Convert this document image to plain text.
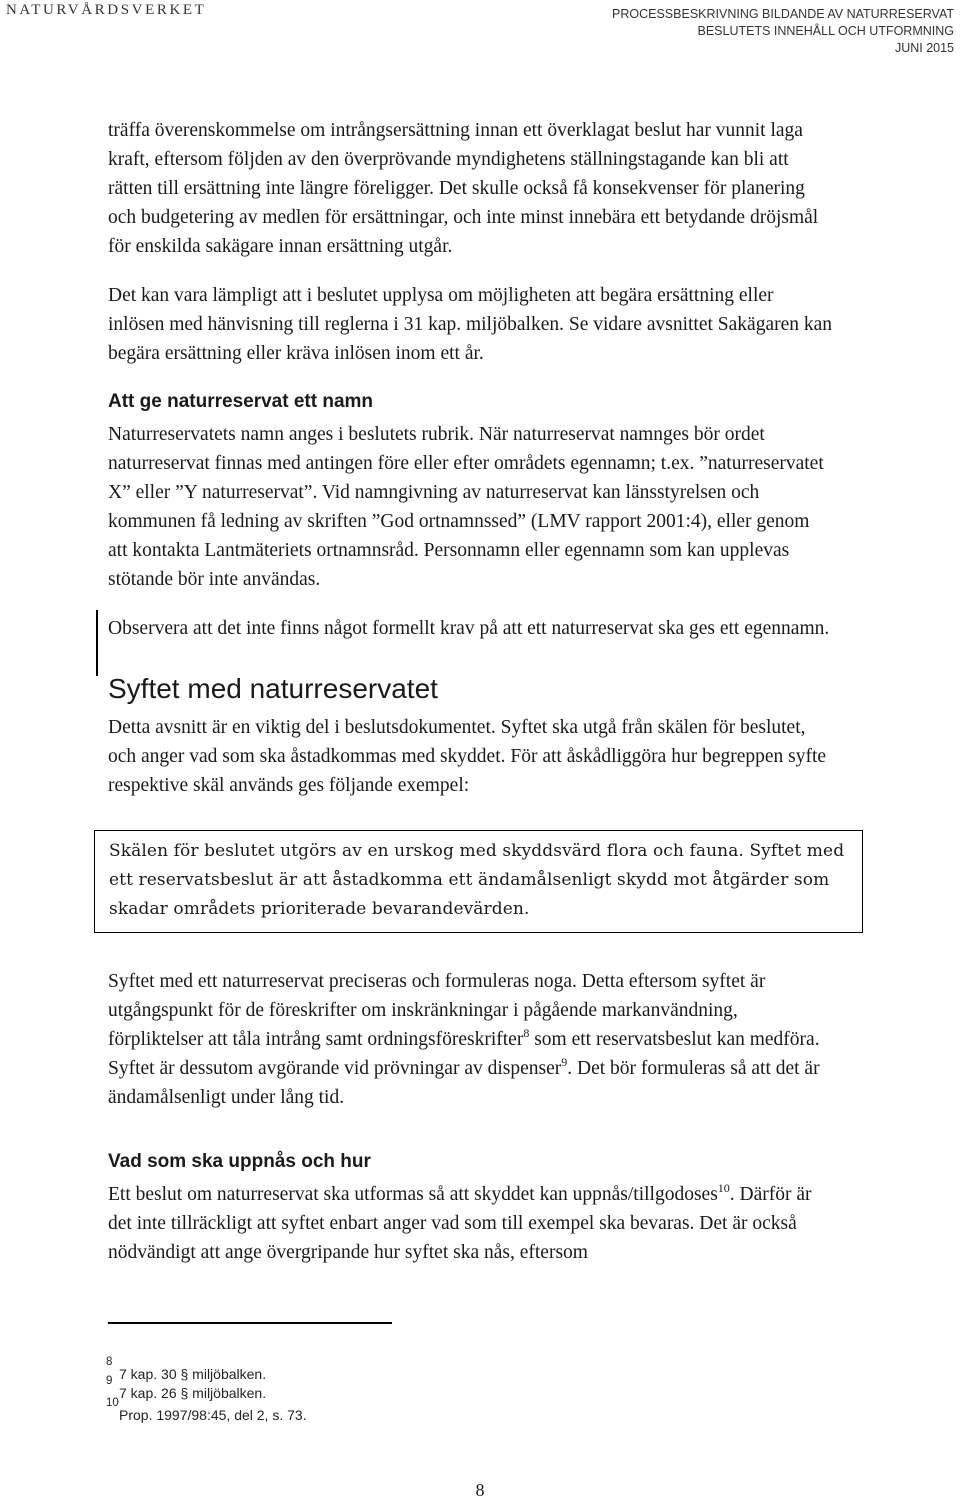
NATURVÅRDSVERKET	PROCESSBESKRIVNING BILDANDE AV NATURRESERVAT
BESLUTETS INNEHÅLL OCH UTFORMNING
JUNI 2015

träffa överenskommelse om intrångsersättning innan ett överklagat beslut har vunnit laga kraft, eftersom följden av den överprövande myndighetens ställningstagande kan bli att rätten till ersättning inte längre föreligger. Det skulle också få konsekvenser för planering och budgetering av medlen för ersättningar, och inte minst innebära ett betydande dröjsmål för enskilda sakägare innan ersättning utgår.

Det kan vara lämpligt att i beslutet upplysa om möjligheten att begära ersättning eller inlösen med hänvisning till reglerna i 31 kap. miljöbalken. Se vidare avsnittet Sakägaren kan begära ersättning eller kräva inlösen inom ett år.

Att ge naturreservat ett namn

Naturreservatets namn anges i beslutets rubrik. När naturreservat namnges bör ordet naturreservat finnas med antingen före eller efter områdets egennamn; t.ex. ”naturreservatet X” eller ”Y naturreservat”. Vid namngivning av naturreservat kan länsstyrelsen och kommunen få ledning av skriften ”God ortnamnssed” (LMV rapport 2001:4), eller genom att kontakta Lantmäteriets ortnamnsråd. Personnamn eller egennamn som kan upplevas stötande bör inte användas.

Observera att det inte finns något formellt krav på att ett naturreservat ska ges ett egennamn.

Syftet med naturreservatet

Detta avsnitt är en viktig del i beslutsdokumentet. Syftet ska utgå från skälen för beslutet, och anger vad som ska åstadkommas med skyddet. För att åskådliggöra hur begreppen syfte respektive skäl används ges följande exempel:

Skälen för beslutet utgörs av en urskog med skyddsvärd flora och fauna. Syftet med ett reservatsbeslut är att åstadkomma ett ändamålsenligt skydd mot åtgärder som skadar områdets prioriterade bevarandevärden.

Syftet med ett naturreservat preciseras och formuleras noga. Detta eftersom syftet är utgångspunkt för de föreskrifter om inskränkningar i pågående markanvändning, förpliktelser att tåla intrång samt ordningsföreskrifter$^8$ som ett reservatsbeslut kan medföra. Syftet är dessutom avgörande vid prövningar av dispenser$^9$. Det bör formuleras så att det är ändamålsenligt under lång tid.

Vad som ska uppnås och hur

Ett beslut om naturreservat ska utformas så att skyddet kan uppnås/tillgodoses$^{10}$. Därför är det inte tillräckligt att syftet enbart anger vad som till exempel ska bevaras. Det är också nödvändigt att ange övergripande hur syftet ska nås, eftersom

8
7 kap. 30 § miljöbalken.
9
7 kap. 26 § miljöbalken.
10
Prop. 1997/98:45, del 2, s. 73.
8
